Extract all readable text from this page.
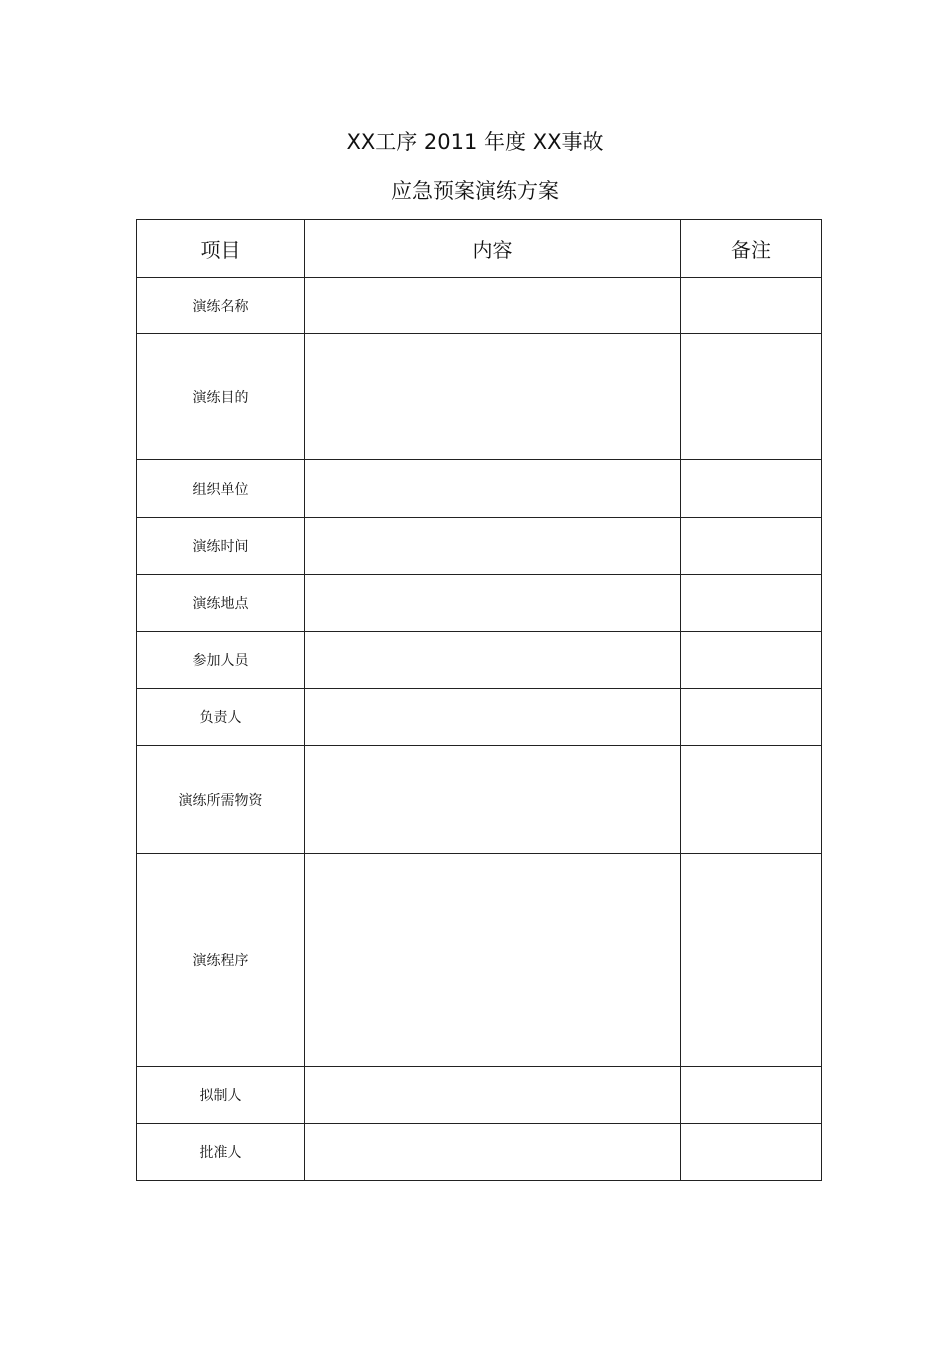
XX工序 2011 年度 XX事故
应急预案演练方案
项目	内容	备注
演练名称		
演练目的		
组织单位		
演练时间		
演练地点		
参加人员		
负责人		
演练所需物资		
演练程序		
拟制人		
批准人		
